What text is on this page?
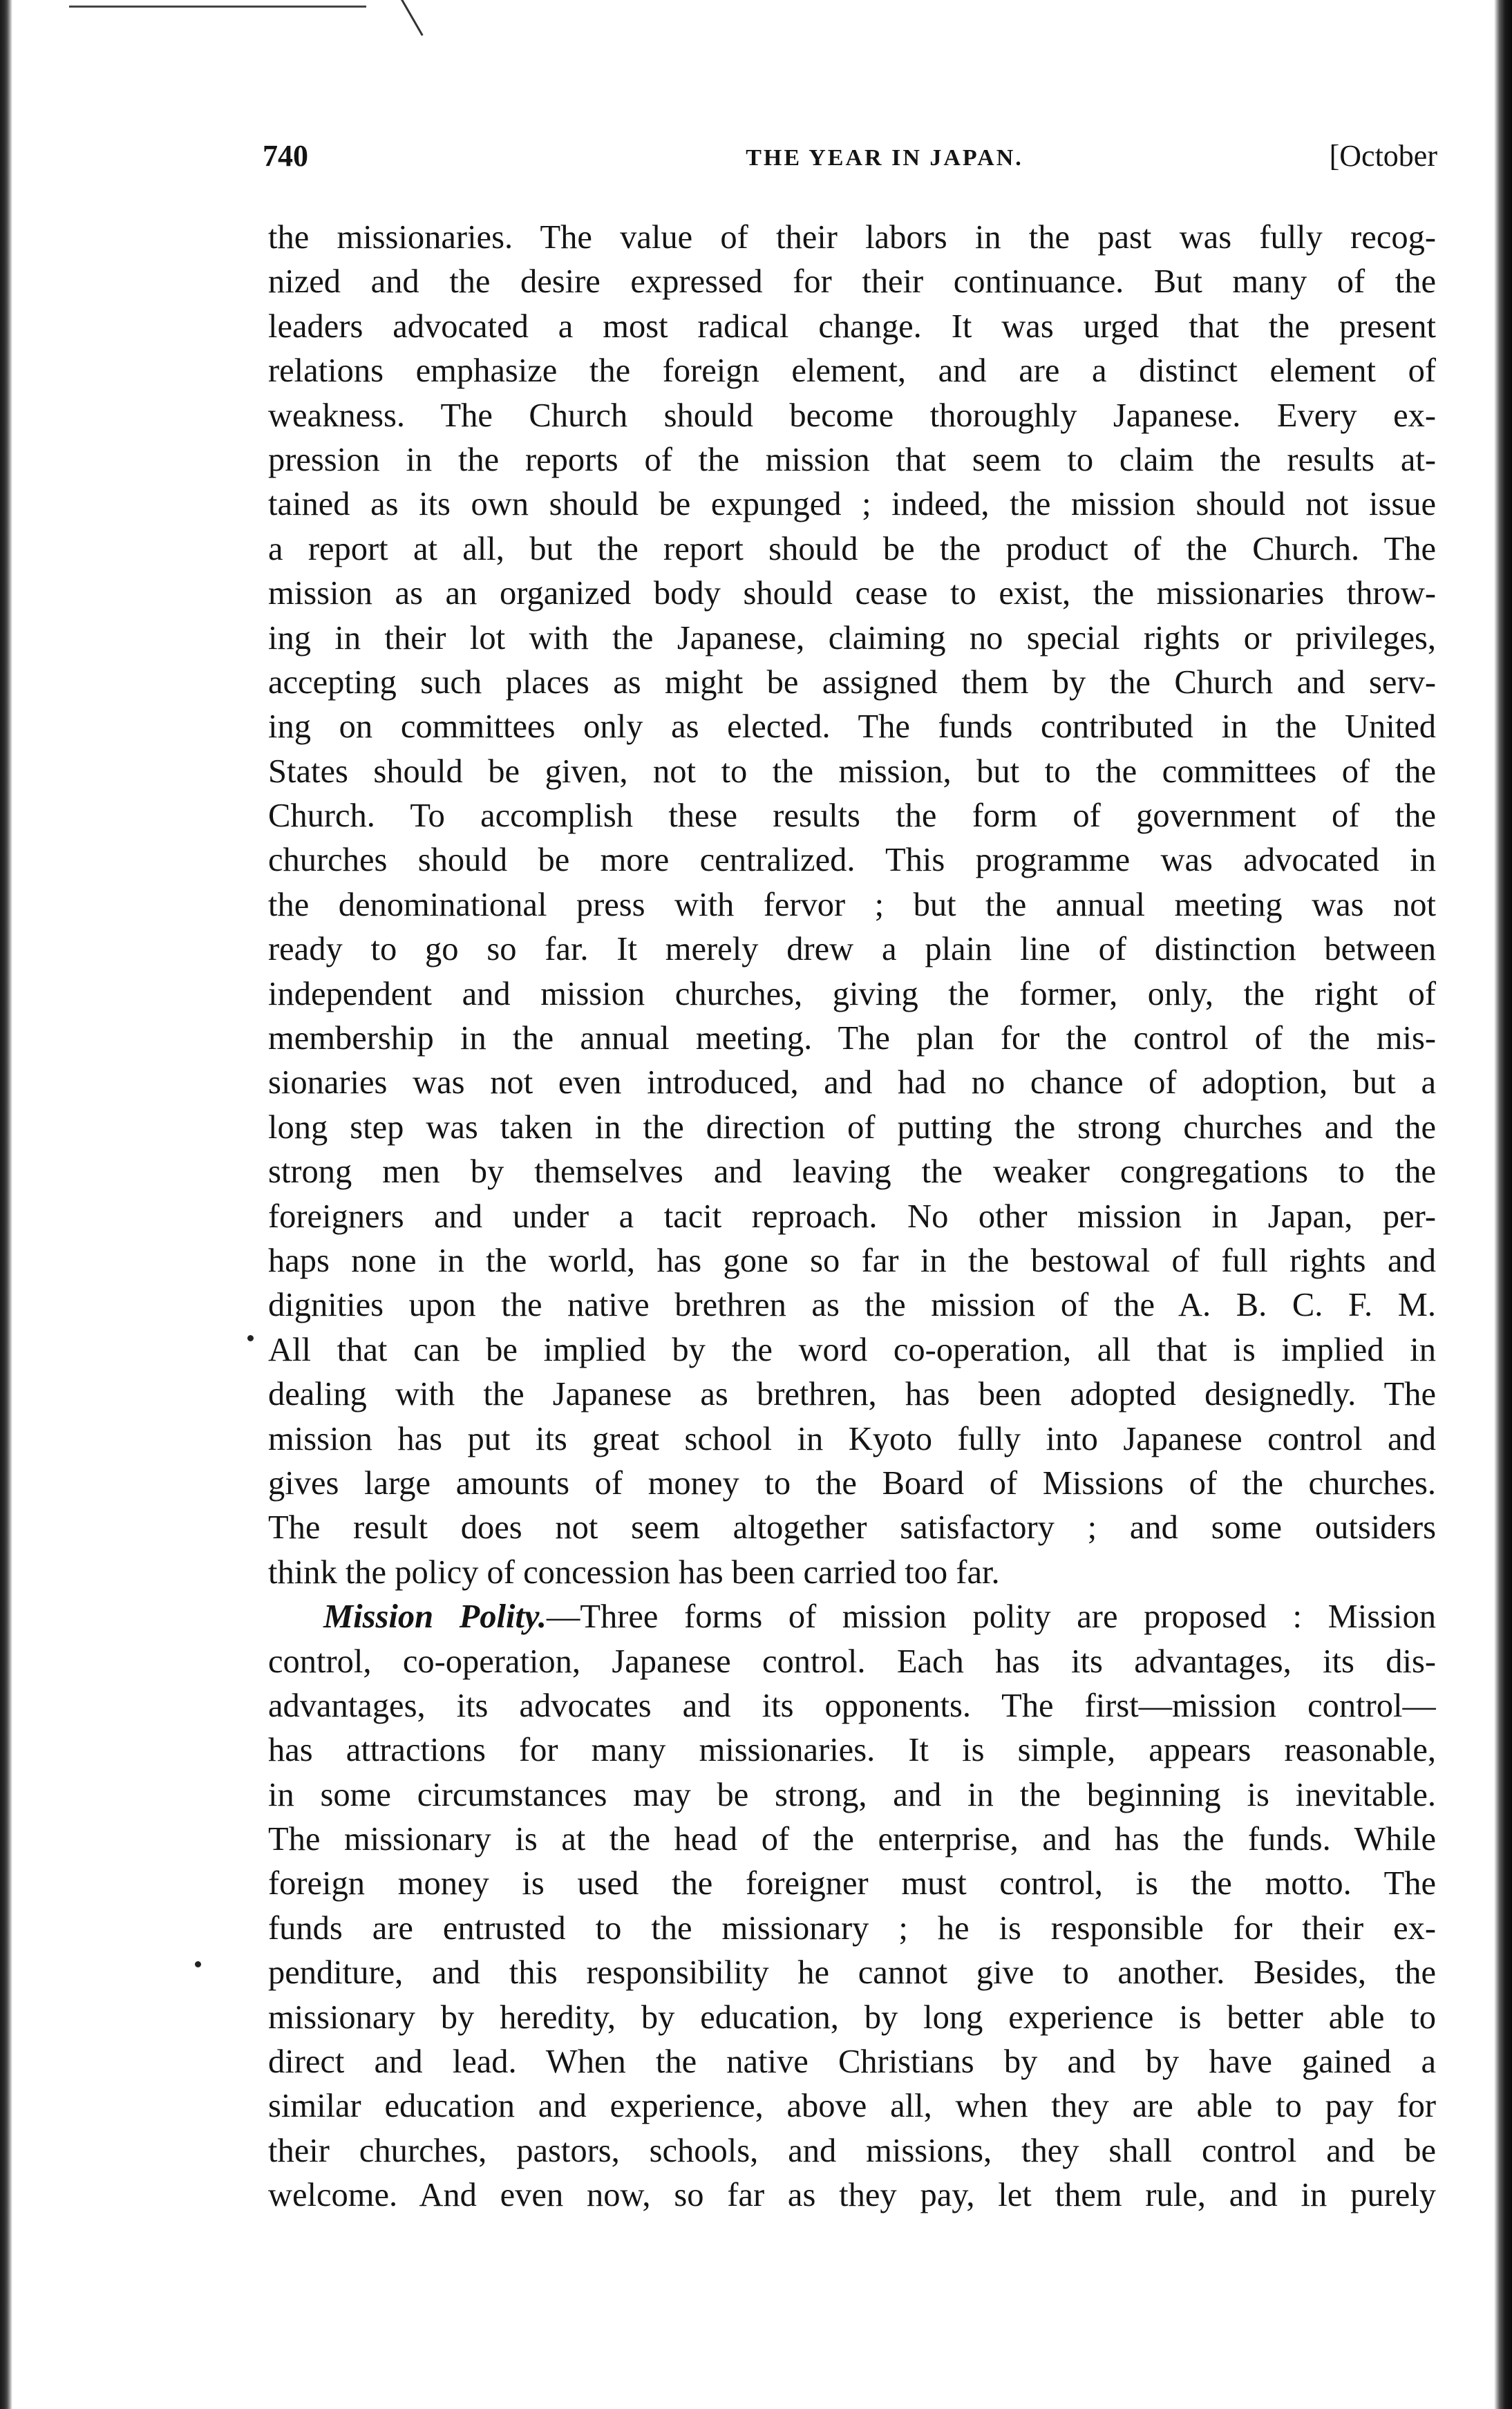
740	THE YEAR IN JAPAN.	[October
the missionaries. The value of their labors in the past was fully recog-
nized and the desire expressed for their continuance. But many of the
leaders advocated a most radical change. It was urged that the present
relations emphasize the foreign element, and are a distinct element of
weakness. The Church should become thoroughly Japanese. Every ex-
pression in the reports of the mission that seem to claim the results at-
tained as its own should be expunged ; indeed, the mission should not issue
a report at all, but the report should be the product of the Church. The
mission as an organized body should cease to exist, the missionaries throw-
ing in their lot with the Japanese, claiming no special rights or privileges,
accepting such places as might be assigned them by the Church and serv-
ing on committees only as elected. The funds contributed in the United
States should be given, not to the mission, but to the committees of the
Church. To accomplish these results the form of government of the
churches should be more centralized. This programme was advocated in
the denominational press with fervor ; but the annual meeting was not
ready to go so far. It merely drew a plain line of distinction between
independent and mission churches, giving the former, only, the right of
membership in the annual meeting. The plan for the control of the mis-
sionaries was not even introduced, and had no chance of adoption, but a
long step was taken in the direction of putting the strong churches and the
strong men by themselves and leaving the weaker congregations to the
foreigners and under a tacit reproach. No other mission in Japan, per-
haps none in the world, has gone so far in the bestowal of full rights and
dignities upon the native brethren as the mission of the A. B. C. F. M.
All that can be implied by the word co-operation, all that is implied in
dealing with the Japanese as brethren, has been adopted designedly. The
mission has put its great school in Kyoto fully into Japanese control and
gives large amounts of money to the Board of Missions of the churches.
The result does not seem altogether satisfactory ; and some outsiders
think the policy of concession has been carried too far.
Mission Polity.—Three forms of mission polity are proposed : Mission
control, co-operation, Japanese control. Each has its advantages, its dis-
advantages, its advocates and its opponents. The first—mission control—
has attractions for many missionaries. It is simple, appears reasonable,
in some circumstances may be strong, and in the beginning is inevitable.
The missionary is at the head of the enterprise, and has the funds. While
foreign money is used the foreigner must control, is the motto. The
funds are entrusted to the missionary ; he is responsible for their ex-
penditure, and this responsibility he cannot give to another. Besides, the
missionary by heredity, by education, by long experience is better able to
direct and lead. When the native Christians by and by have gained a
similar education and experience, above all, when they are able to pay for
their churches, pastors, schools, and missions, they shall control and be
welcome. And even now, so far as they pay, let them rule, and in purely
